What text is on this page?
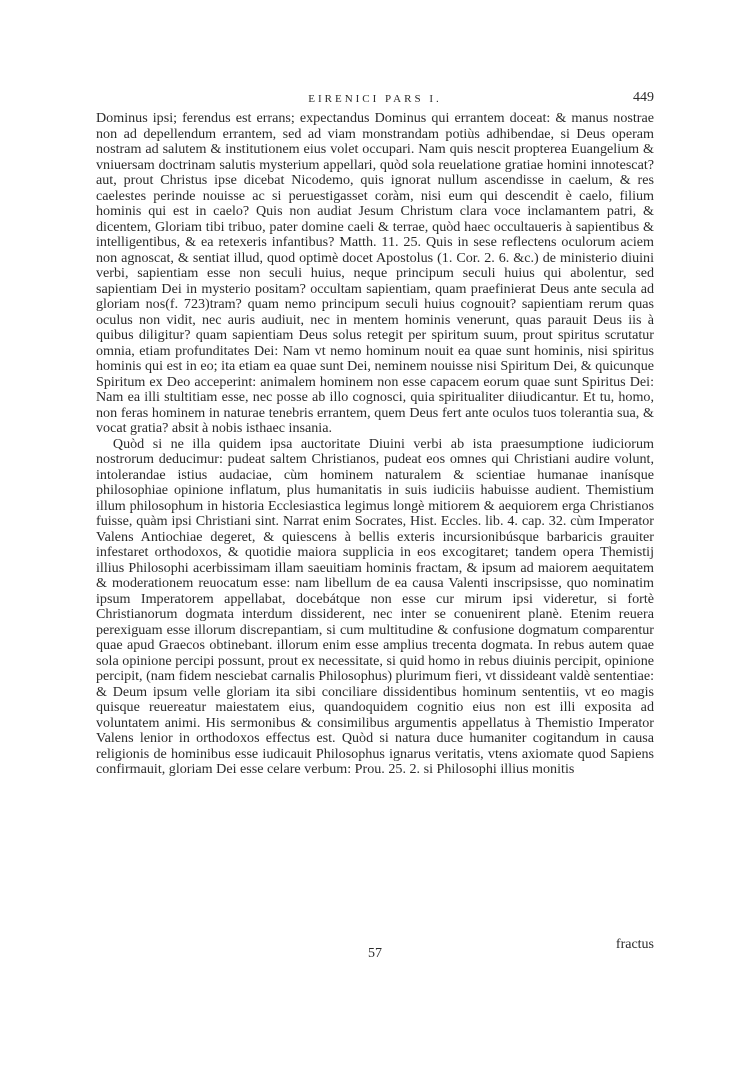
EIRENICI PARS I.	449

Dominus ipsi; ferendus est errans; expectandus Dominus qui errantem doceat: & manus nostrae non ad depellendum errantem, sed ad viam monstrandam potiùs adhibendae, si Deus operam nostram ad salutem & institutionem eius volet occupari. Nam quis nescit propterea Euangelium & vniuersam doctrinam salutis mysterium appellari, quòd sola reuelatione gratiae homini innotescat? aut, prout Christus ipse dicebat Nicodemo, quis ignorat nullum ascendisse in caelum, & res caelestes perinde nouisse ac si peruestigasset coràm, nisi eum qui descendit è caelo, filium hominis qui est in caelo? Quis non audiat Jesum Christum clara voce inclamantem patri, & dicentem, Gloriam tibi tribuo, pater domine caeli & terrae, quòd haec occultaueris à sapientibus & intelligentibus, & ea retexeris infantibus? Matth. 11. 25. Quis in sese reflectens oculorum aciem non agnoscat, & sentiat illud, quod optimè docet Apostolus (1. Cor. 2. 6. &c.) de ministerio diuini verbi, sapientiam esse non seculi huius, neque principum seculi huius qui abolentur, sed sapientiam Dei in mysterio positam? occultam sapientiam, quam praefinierat Deus ante secula ad gloriam nos(f. 723)tram? quam nemo principum seculi huius cognouit? sapientiam rerum quas oculus non vidit, nec auris audiuit, nec in mentem hominis venerunt, quas parauit Deus iis à quibus diligitur? quam sapientiam Deus solus retegit per spiritum suum, prout spiritus scrutatur omnia, etiam profunditates Dei: Nam vt nemo hominum nouit ea quae sunt hominis, nisi spiritus hominis qui est in eo; ita etiam ea quae sunt Dei, neminem nouisse nisi Spiritum Dei, & quicunque Spiritum ex Deo acceperint: animalem hominem non esse capacem eorum quae sunt Spiritus Dei: Nam ea illi stultitiam esse, nec posse ab illo cognosci, quia spiritualiter diiudicantur. Et tu, homo, non feras hominem in naturae tenebris errantem, quem Deus fert ante oculos tuos tolerantia sua, & vocat gratia? absit à nobis isthaec insania.

Quòd si ne illa quidem ipsa auctoritate Diuini verbi ab ista praesumptione iudiciorum nostrorum deducimur: pudeat saltem Christianos, pudeat eos omnes qui Christiani audire volunt, intolerandae istius audaciae, cùm hominem naturalem & scientiae humanae inanísque philosophiae opinione inflatum, plus humanitatis in suis iudiciis habuisse audient. Themistium illum philosophum in historia Ecclesiastica legimus longè mitiorem & aequiorem erga Christianos fuisse, quàm ipsi Christiani sint. Narrat enim Socrates, Hist. Eccles. lib. 4. cap. 32. cùm Imperator Valens Antiochiae degeret, & quiescens à bellis exteris incursionibúsque barbaricis grauiter infestaret orthodoxos, & quotidie maiora supplicia in eos excogitaret; tandem opera Themistij illius Philosophi acerbissimam illam saeuitiam hominis fractam, & ipsum ad maiorem aequitatem & moderationem reuocatum esse: nam libellum de ea causa Valenti inscripsisse, quo nominatim ipsum Imperatorem appellabat, docebátque non esse cur mirum ipsi videretur, si fortè Christianorum dogmata interdum dissiderent, nec inter se conuenirent planè. Etenim reuera perexiguam esse illorum discrepantiam, si cum multitudine & confusione dogmatum comparentur quae apud Graecos obtinebant. illorum enim esse amplius trecenta dogmata. In rebus autem quae sola opinione percipi possunt, prout ex necessitate, si quid homo in rebus diuinis percipit, opinione percipit, (nam fidem nesciebat carnalis Philosophus) plurimum fieri, vt dissideant valdè sententiae: & Deum ipsum velle gloriam ita sibi conciliare dissidentibus hominum sententiis, vt eo magis quisque reuereatur maiestatem eius, quandoquidem cognitio eius non est illi exposita ad voluntatem animi. His sermonibus & consimilibus argumentis appellatus à Themistio Imperator Valens lenior in orthodoxos effectus est. Quòd si natura duce humaniter cogitandum in causa religionis de hominibus esse iudicauit Philosophus ignarus veritatis, vtens axiomate quod Sapiens confirmauit, gloriam Dei esse celare verbum: Prou. 25. 2. si Philosophi illius monitis

57
fractus
